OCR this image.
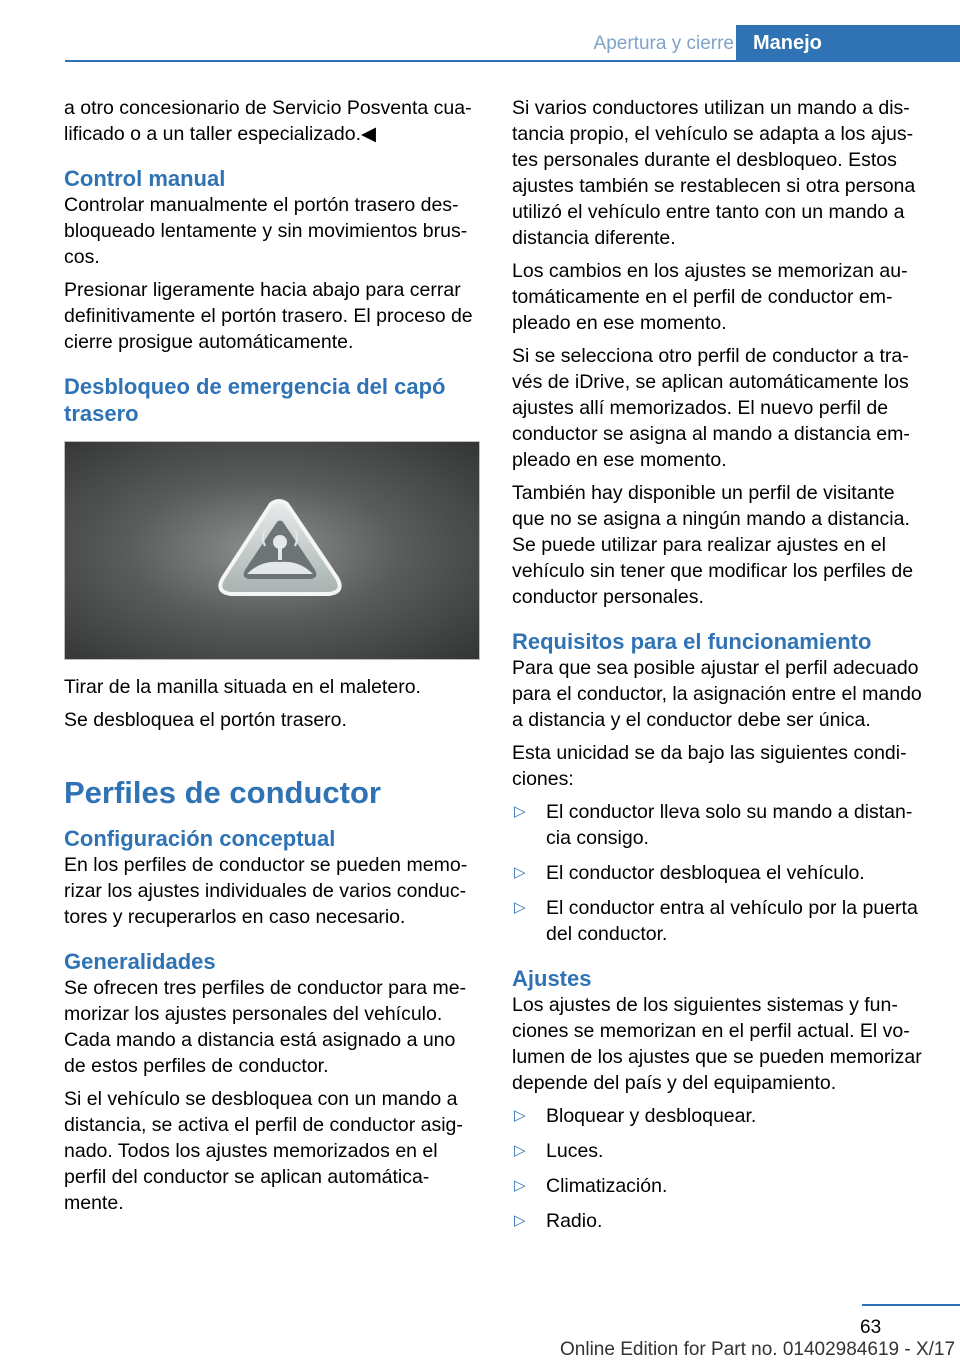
Apertura y cierre Manejo

a otro concesionario de Servicio Posventa cua-lificado o a un taller especializado.◀

Control manual

Controlar manualmente el portón trasero des-bloqueado lentamente y sin movimientos brus-cos.

Presionar ligeramente hacia abajo para cerrar definitivamente el portón trasero. El proceso de cierre prosigue automáticamente.

Desbloqueo de emergencia del capó trasero

Tirar de la manilla situada en el maletero.

Se desbloquea el portón trasero.

Perfiles de conductor
Configuración conceptual

En los perfiles de conductor se pueden memo-rizar los ajustes individuales de varios conduc-tores y recuperarlos en caso necesario.

Generalidades

Se ofrecen tres perfiles de conductor para me-morizar los ajustes personales del vehículo. Cada mando a distancia está asignado a uno de estos perfiles de conductor.

Si el vehículo se desbloquea con un mando a distancia, se activa el perfil de conductor asig-nado. Todos los ajustes memorizados en el perfil del conductor se aplican automática-mente.

Si varios conductores utilizan un mando a dis-tancia propio, el vehículo se adapta a los ajus-tes personales durante el desbloqueo. Estos ajustes también se restablecen si otra persona utilizó el vehículo entre tanto con un mando a distancia diferente.

Los cambios en los ajustes se memorizan au-tomáticamente en el perfil de conductor em-pleado en ese momento.

Si se selecciona otro perfil de conductor a tra-vés de iDrive, se aplican automáticamente los ajustes allí memorizados. El nuevo perfil de conductor se asigna al mando a distancia em-pleado en ese momento.

También hay disponible un perfil de visitante que no se asigna a ningún mando a distancia. Se puede utilizar para realizar ajustes en el vehículo sin tener que modificar los perfiles de conductor personales.

Requisitos para el funcionamiento

Para que sea posible ajustar el perfil adecuado para el conductor, la asignación entre el mando a distancia y el conductor debe ser única.

Esta unicidad se da bajo las siguientes condi-ciones:

▷ El conductor lleva solo su mando a distan-cia consigo.
▷ El conductor desbloquea el vehículo.
▷ El conductor entra al vehículo por la puerta del conductor.
Ajustes

Los ajustes de los siguientes sistemas y fun-ciones se memorizan en el perfil actual. El vo-lumen de los ajustes que se pueden memorizar depende del país y del equipamiento.

▷ Bloquear y desbloquear.
▷ Luces.
▷ Climatización.
▷ Radio.
63
Online Edition for Part no. 01402984619 - X/17
